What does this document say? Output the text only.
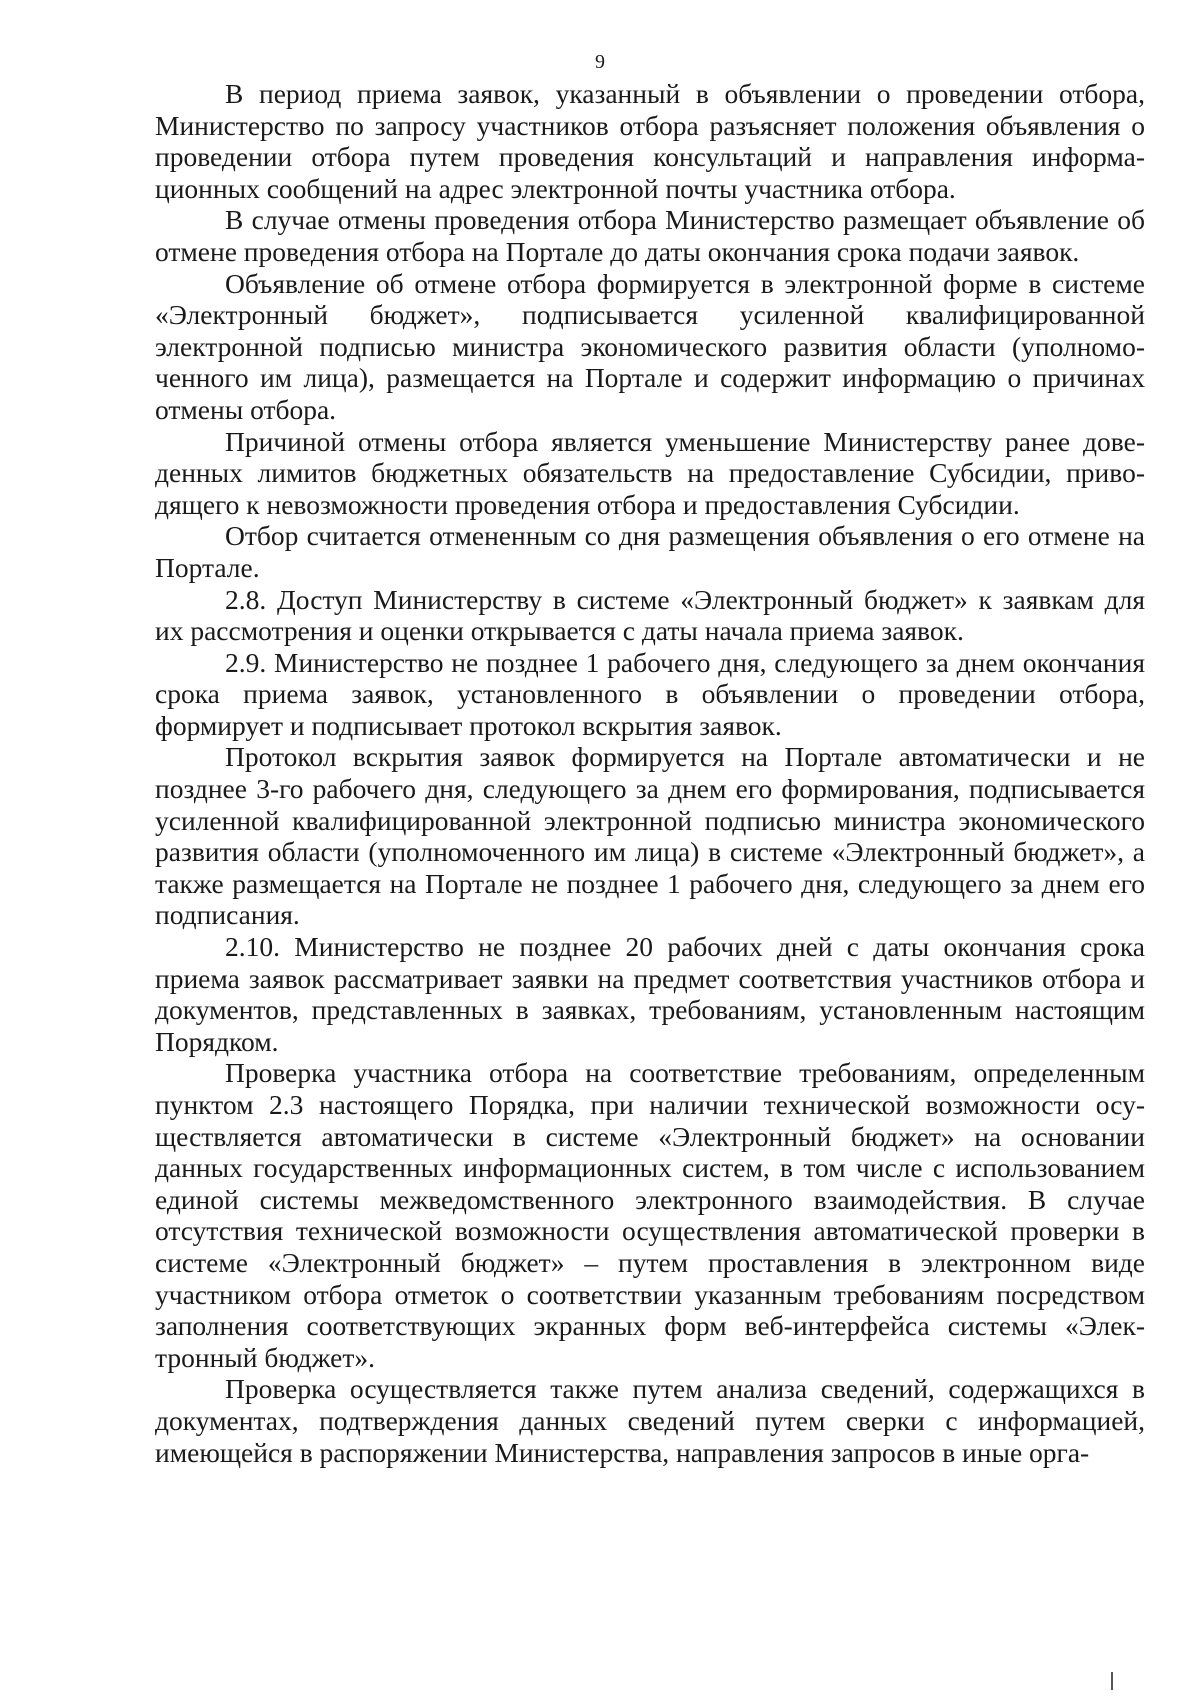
9

В период приема заявок, указанный в объявлении о проведении отбора, Министерство по запросу участников отбора разъясняет положения объявления о проведении отбора путем проведения консультаций и направления информационных сообщений на адрес электронной почты участника отбора.

В случае отмены проведения отбора Министерство размещает объявление об отмене проведения отбора на Портале до даты окончания срока подачи заявок.

Объявление об отмене отбора формируется в электронной форме в системе «Электронный бюджет», подписывается усиленной квалифицированной электронной подписью министра экономического развития области (уполномоченного им лица), размещается на Портале и содержит информацию о причинах отмены отбора.

Причиной отмены отбора является уменьшение Министерству ранее доведенных лимитов бюджетных обязательств на предоставление Субсидии, приводящего к невозможности проведения отбора и предоставления Субсидии.

Отбор считается отмененным со дня размещения объявления о его отмене на Портале.

2.8. Доступ Министерству в системе «Электронный бюджет» к заявкам для их рассмотрения и оценки открывается с даты начала приема заявок.

2.9. Министерство не позднее 1 рабочего дня, следующего за днем окончания срока приема заявок, установленного в объявлении о проведении отбора, формирует и подписывает протокол вскрытия заявок.

Протокол вскрытия заявок формируется на Портале автоматически и не позднее 3-го рабочего дня, следующего за днем его формирования, подписывается усиленной квалифицированной электронной подписью министра экономического развития области (уполномоченного им лица) в системе «Электронный бюджет», а также размещается на Портале не позднее 1 рабочего дня, следующего за днем его подписания.

2.10. Министерство не позднее 20 рабочих дней с даты окончания срока приема заявок рассматривает заявки на предмет соответствия участников отбора и документов, представленных в заявках, требованиям, установленным настоящим Порядком.

Проверка участника отбора на соответствие требованиям, определенным пунктом 2.3 настоящего Порядка, при наличии технической возможности осуществляется автоматически в системе «Электронный бюджет» на основании данных государственных информационных систем, в том числе с использованием единой системы межведомственного электронного взаимодействия. В случае отсутствия технической возможности осуществления автоматической проверки в системе «Электронный бюджет» – путем проставления в электронном виде участником отбора отметок о соответствии указанным требованиям посредством заполнения соответствующих экранных форм веб-интерфейса системы «Электронный бюджет».

Проверка осуществляется также путем анализа сведений, содержащихся в документах, подтверждения данных сведений путем сверки с информацией, имеющейся в распоряжении Министерства, направления запросов в иные орга-
